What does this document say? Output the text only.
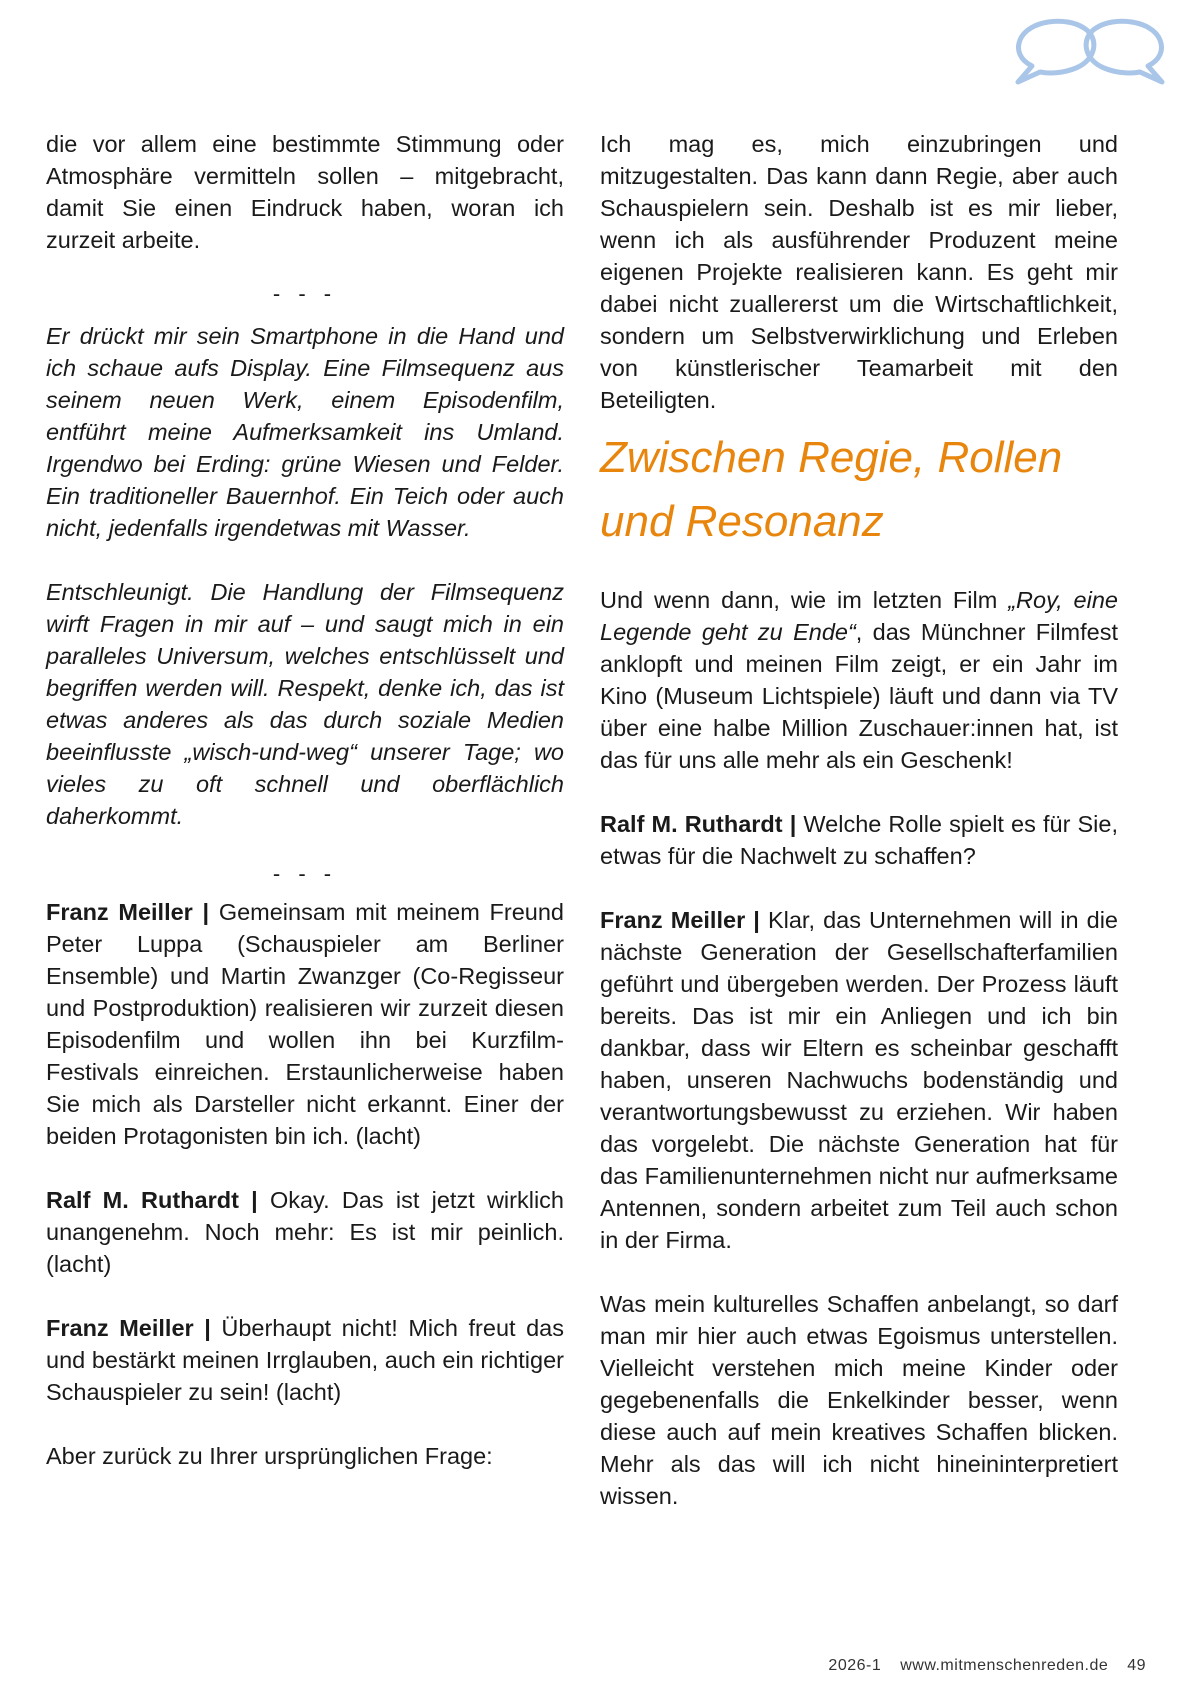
die vor allem eine bestimmte Stimmung oder Atmosphäre vermitteln sollen – mitgebracht, damit Sie einen Eindruck haben, woran ich zurzeit arbeite.

- - -

Er drückt mir sein Smartphone in die Hand und ich schaue aufs Display. Eine Filmsequenz aus seinem neuen Werk, einem Episodenfilm, entführt meine Aufmerksamkeit ins Umland. Irgendwo bei Erding: grüne Wiesen und Felder. Ein traditioneller Bauernhof. Ein Teich oder auch nicht, jedenfalls irgendetwas mit Wasser.

Entschleunigt. Die Handlung der Filmsequenz wirft Fragen in mir auf – und saugt mich in ein paralleles Universum, welches entschlüsselt und begriffen werden will. Respekt, denke ich, das ist etwas anderes als das durch soziale Medien beeinflusste „wisch-und-weg“ unserer Tage; wo vieles zu oft schnell und oberflächlich daherkommt.

- - -

Franz Meiller | Gemeinsam mit meinem Freund Peter Luppa (Schauspieler am Berliner Ensemble) und Martin Zwanzger (Co-Regisseur und Postproduktion) realisieren wir zurzeit diesen Episodenfilm und wollen ihn bei Kurzfilm-Festivals einreichen. Erstaunlicherweise haben Sie mich als Darsteller nicht erkannt. Einer der beiden Protagonisten bin ich. (lacht)

Ralf M. Ruthardt | Okay. Das ist jetzt wirklich unangenehm. Noch mehr: Es ist mir peinlich. (lacht)

Franz Meiller | Überhaupt nicht! Mich freut das und bestärkt meinen Irrglauben, auch ein richtiger Schauspieler zu sein! (lacht)

Aber zurück zu Ihrer ursprünglichen Frage:

Ich mag es, mich einzubringen und mitzugestalten. Das kann dann Regie, aber auch Schauspielern sein. Deshalb ist es mir lieber, wenn ich als ausführender Produzent meine eigenen Projekte realisieren kann. Es geht mir dabei nicht zuallererst um die Wirtschaftlichkeit, sondern um Selbstverwirklichung und Erleben von künstlerischer Teamarbeit mit den Beteiligten.

Zwischen Regie, Rollen und Resonanz

Und wenn dann, wie im letzten Film „Roy, eine Legende geht zu Ende“, das Münchner Filmfest anklopft und meinen Film zeigt, er ein Jahr im Kino (Museum Lichtspiele) läuft und dann via TV über eine halbe Million Zuschauer:innen hat, ist das für uns alle mehr als ein Geschenk!

Ralf M. Ruthardt | Welche Rolle spielt es für Sie, etwas für die Nachwelt zu schaffen?

Franz Meiller | Klar, das Unternehmen will in die nächste Generation der Gesellschafterfamilien geführt und übergeben werden. Der Prozess läuft bereits. Das ist mir ein Anliegen und ich bin dankbar, dass wir Eltern es scheinbar geschafft haben, unseren Nachwuchs bodenständig und verantwortungsbewusst zu erziehen. Wir haben das vorgelebt. Die nächste Generation hat für das Familienunternehmen nicht nur aufmerksame Antennen, sondern arbeitet zum Teil auch schon in der Firma.

Was mein kulturelles Schaffen anbelangt, so darf man mir hier auch etwas Egoismus unterstellen. Vielleicht verstehen mich meine Kinder oder gegebenenfalls die Enkelkinder besser, wenn diese auch auf mein kreatives Schaffen blicken. Mehr als das will ich nicht hineininterpretiert wissen.

2026-1 www.mitmenschenreden.de 49
